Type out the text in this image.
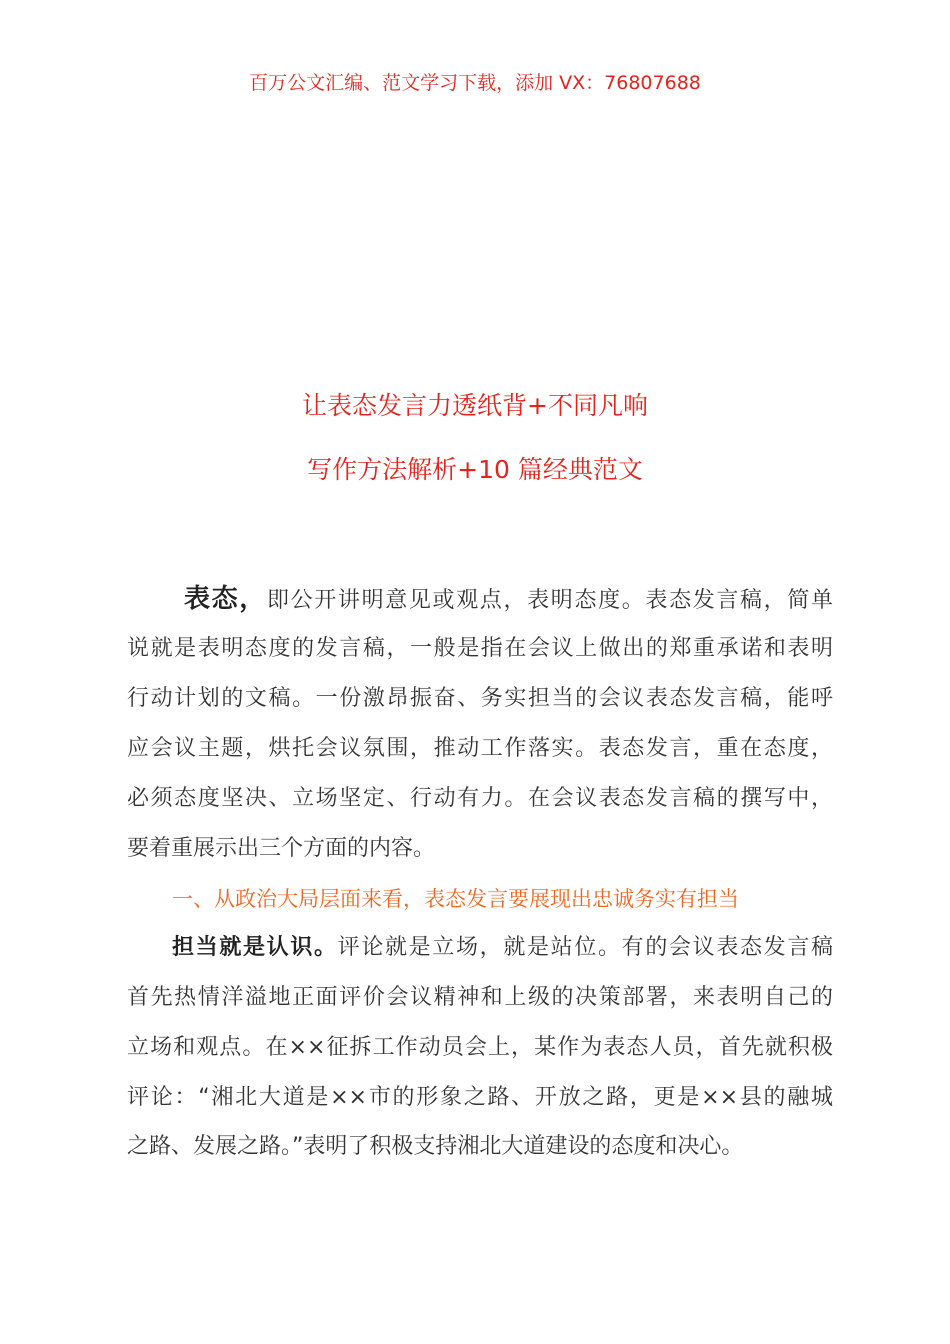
百万公文汇编、范文学习下载，添加 VX：76807688
让表态发言力透纸背+不同凡响
写作方法解析+10 篇经典范文
表态，即公开讲明意见或观点，表明态度。表态发言稿，简单
说就是表明态度的发言稿，一般是指在会议上做出的郑重承诺和表明
行动计划的文稿。一份激昂振奋、务实担当的会议表态发言稿，能呼
应会议主题，烘托会议氛围，推动工作落实。表态发言，重在态度，
必须态度坚决、立场坚定、行动有力。在会议表态发言稿的撰写中，
要着重展示出三个方面的内容。
一、从政治大局层面来看，表态发言要展现出忠诚务实有担当
担当就是认识。评论就是立场，就是站位。有的会议表态发言稿
首先热情洋溢地正面评价会议精神和上级的决策部署，来表明自己的
立场和观点。在××征拆工作动员会上，某作为表态人员，首先就积极
评论：“湘北大道是××市的形象之路、开放之路，更是××县的融城
之路、发展之路。”表明了积极支持湘北大道建设的态度和决心。
